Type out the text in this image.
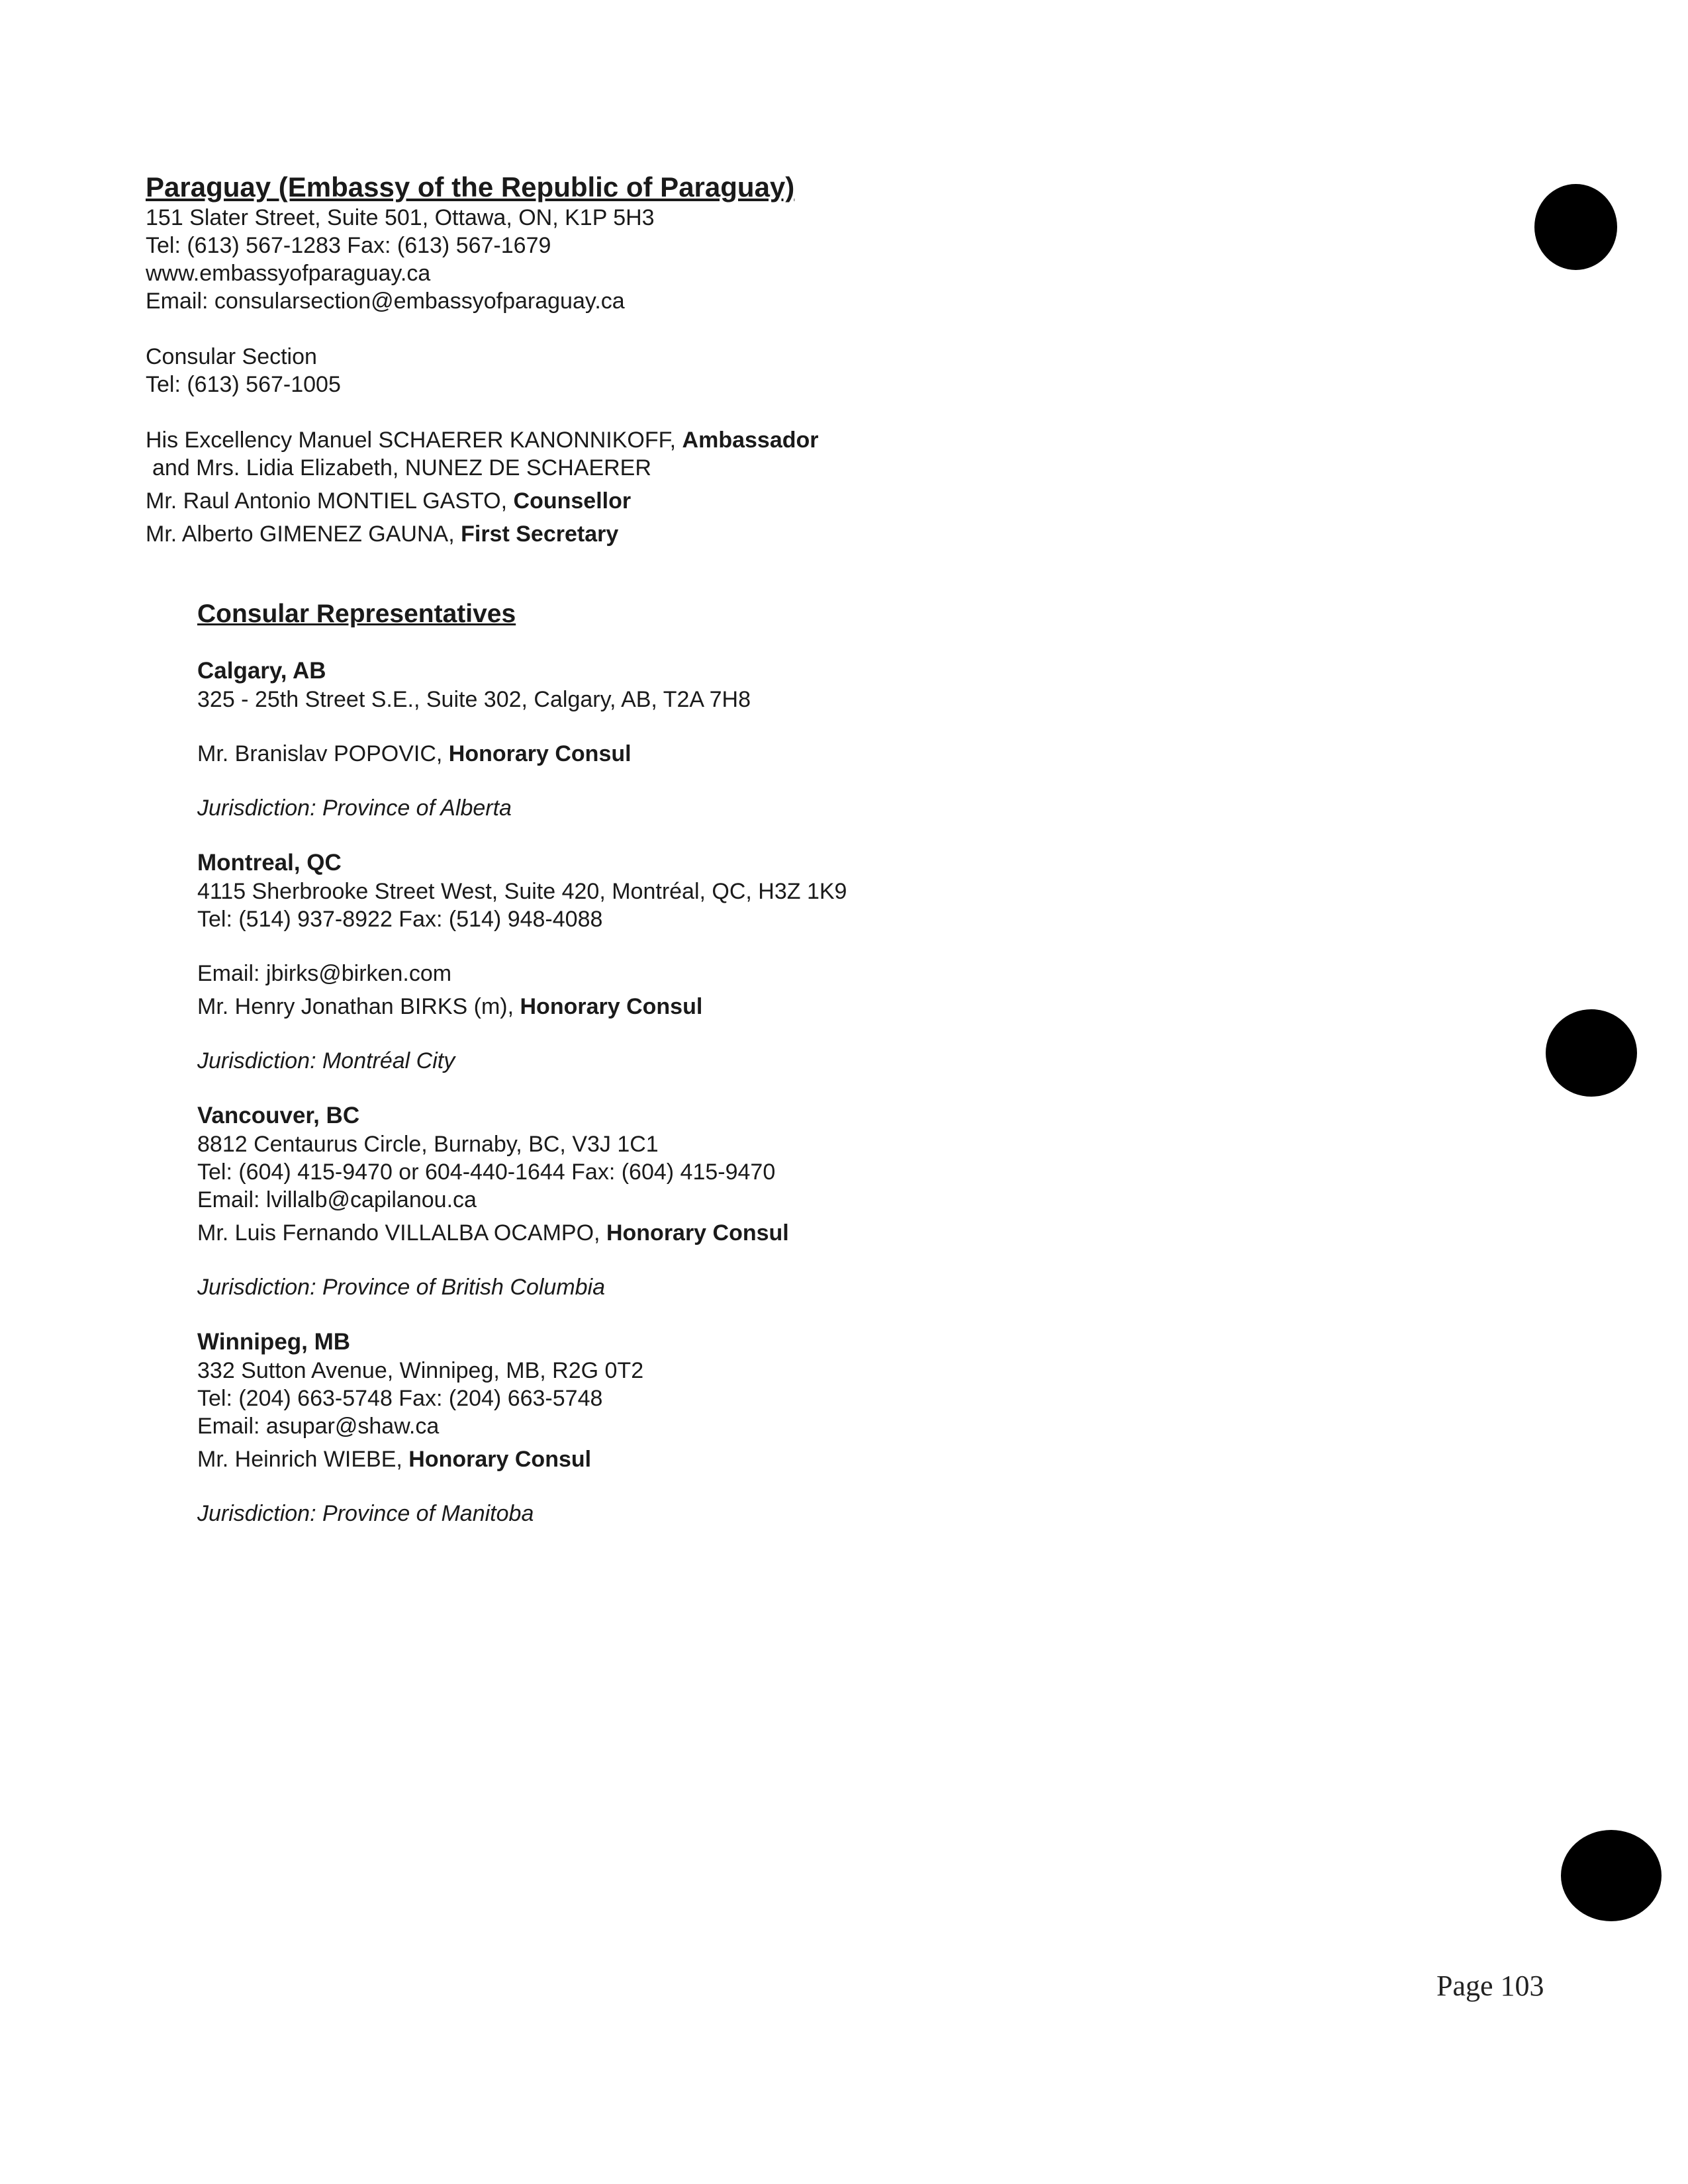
Paraguay (Embassy of the Republic of Paraguay)
151 Slater Street, Suite 501, Ottawa, ON, K1P 5H3
Tel: (613) 567-1283 Fax: (613) 567-1679
www.embassyofparaguay.ca
Email: consularsection@embassyofparaguay.ca
Consular Section
Tel: (613) 567-1005
His Excellency Manuel SCHAERER KANONNIKOFF, Ambassador
and Mrs. Lidia Elizabeth, NUNEZ DE SCHAERER
Mr. Raul Antonio MONTIEL GASTO, Counsellor
Mr. Alberto GIMENEZ GAUNA, First Secretary
Consular Representatives
Calgary, AB
325 - 25th Street S.E., Suite 302, Calgary, AB, T2A 7H8
Mr. Branislav POPOVIC, Honorary Consul
Jurisdiction: Province of Alberta
Montreal, QC
4115 Sherbrooke Street West, Suite 420, Montréal, QC, H3Z 1K9
Tel: (514) 937-8922 Fax: (514) 948-4088
Email: jbirks@birken.com
Mr. Henry Jonathan BIRKS (m), Honorary Consul
Jurisdiction: Montréal City
Vancouver, BC
8812 Centaurus Circle, Burnaby, BC, V3J 1C1
Tel: (604) 415-9470 or 604-440-1644 Fax: (604) 415-9470
Email: lvillalb@capilanou.ca
Mr. Luis Fernando VILLALBA OCAMPO, Honorary Consul
Jurisdiction: Province of British Columbia
Winnipeg, MB
332 Sutton Avenue, Winnipeg, MB, R2G 0T2
Tel: (204) 663-5748 Fax: (204) 663-5748
Email: asupar@shaw.ca
Mr. Heinrich WIEBE, Honorary Consul
Jurisdiction: Province of Manitoba
Page 103
